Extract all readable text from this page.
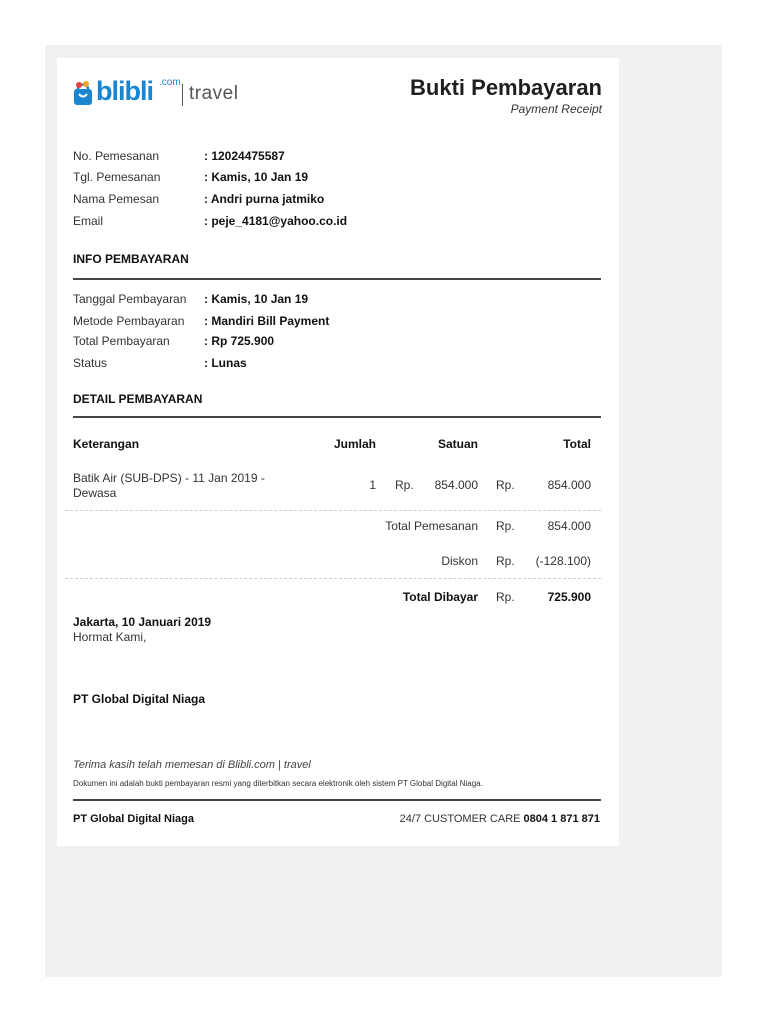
blibli .com
travel	Bukti Pembayaran
Payment Receipt
No. Pemesanan	: 12024475587
Tgl. Pemesanan	: Kamis, 10 Jan 19
Nama Pemesan	: Andri purna jatmiko
Email	: peje_4181@yahoo.co.id
INFO PEMBAYARAN
Tanggal Pembayaran : Kamis, 10 Jan 19
Metode Pembayaran : Mandiri Bill Payment
Total Pembayaran	: Rp 725.900
Status	: Lunas
DETAIL PEMBAYARAN
Keterangan	Jumlah	Satuan	Total
Batik Air (SUB-DPS) - 11 Jan 2019 -
Dewasa
1 Rp. 854.000 Rp.	854.000
Total Pemesanan Rp.	854.000
Diskon Rp. (-128.100)
Total Dibayar Rp.	725.900
Jakarta, 10 Januari 2019
Hormat Kami,
PT Global Digital Niaga
Terima kasih telah memesan di Blibli.com | travel
Dokumen ini adalah bukti pembayaran resmi yang diterbitkan secara elektronik oleh sistem PT Global Digital Niaga.
PT Global Digital Niaga	24/7 CUSTOMER CARE 0804 1 871 871
